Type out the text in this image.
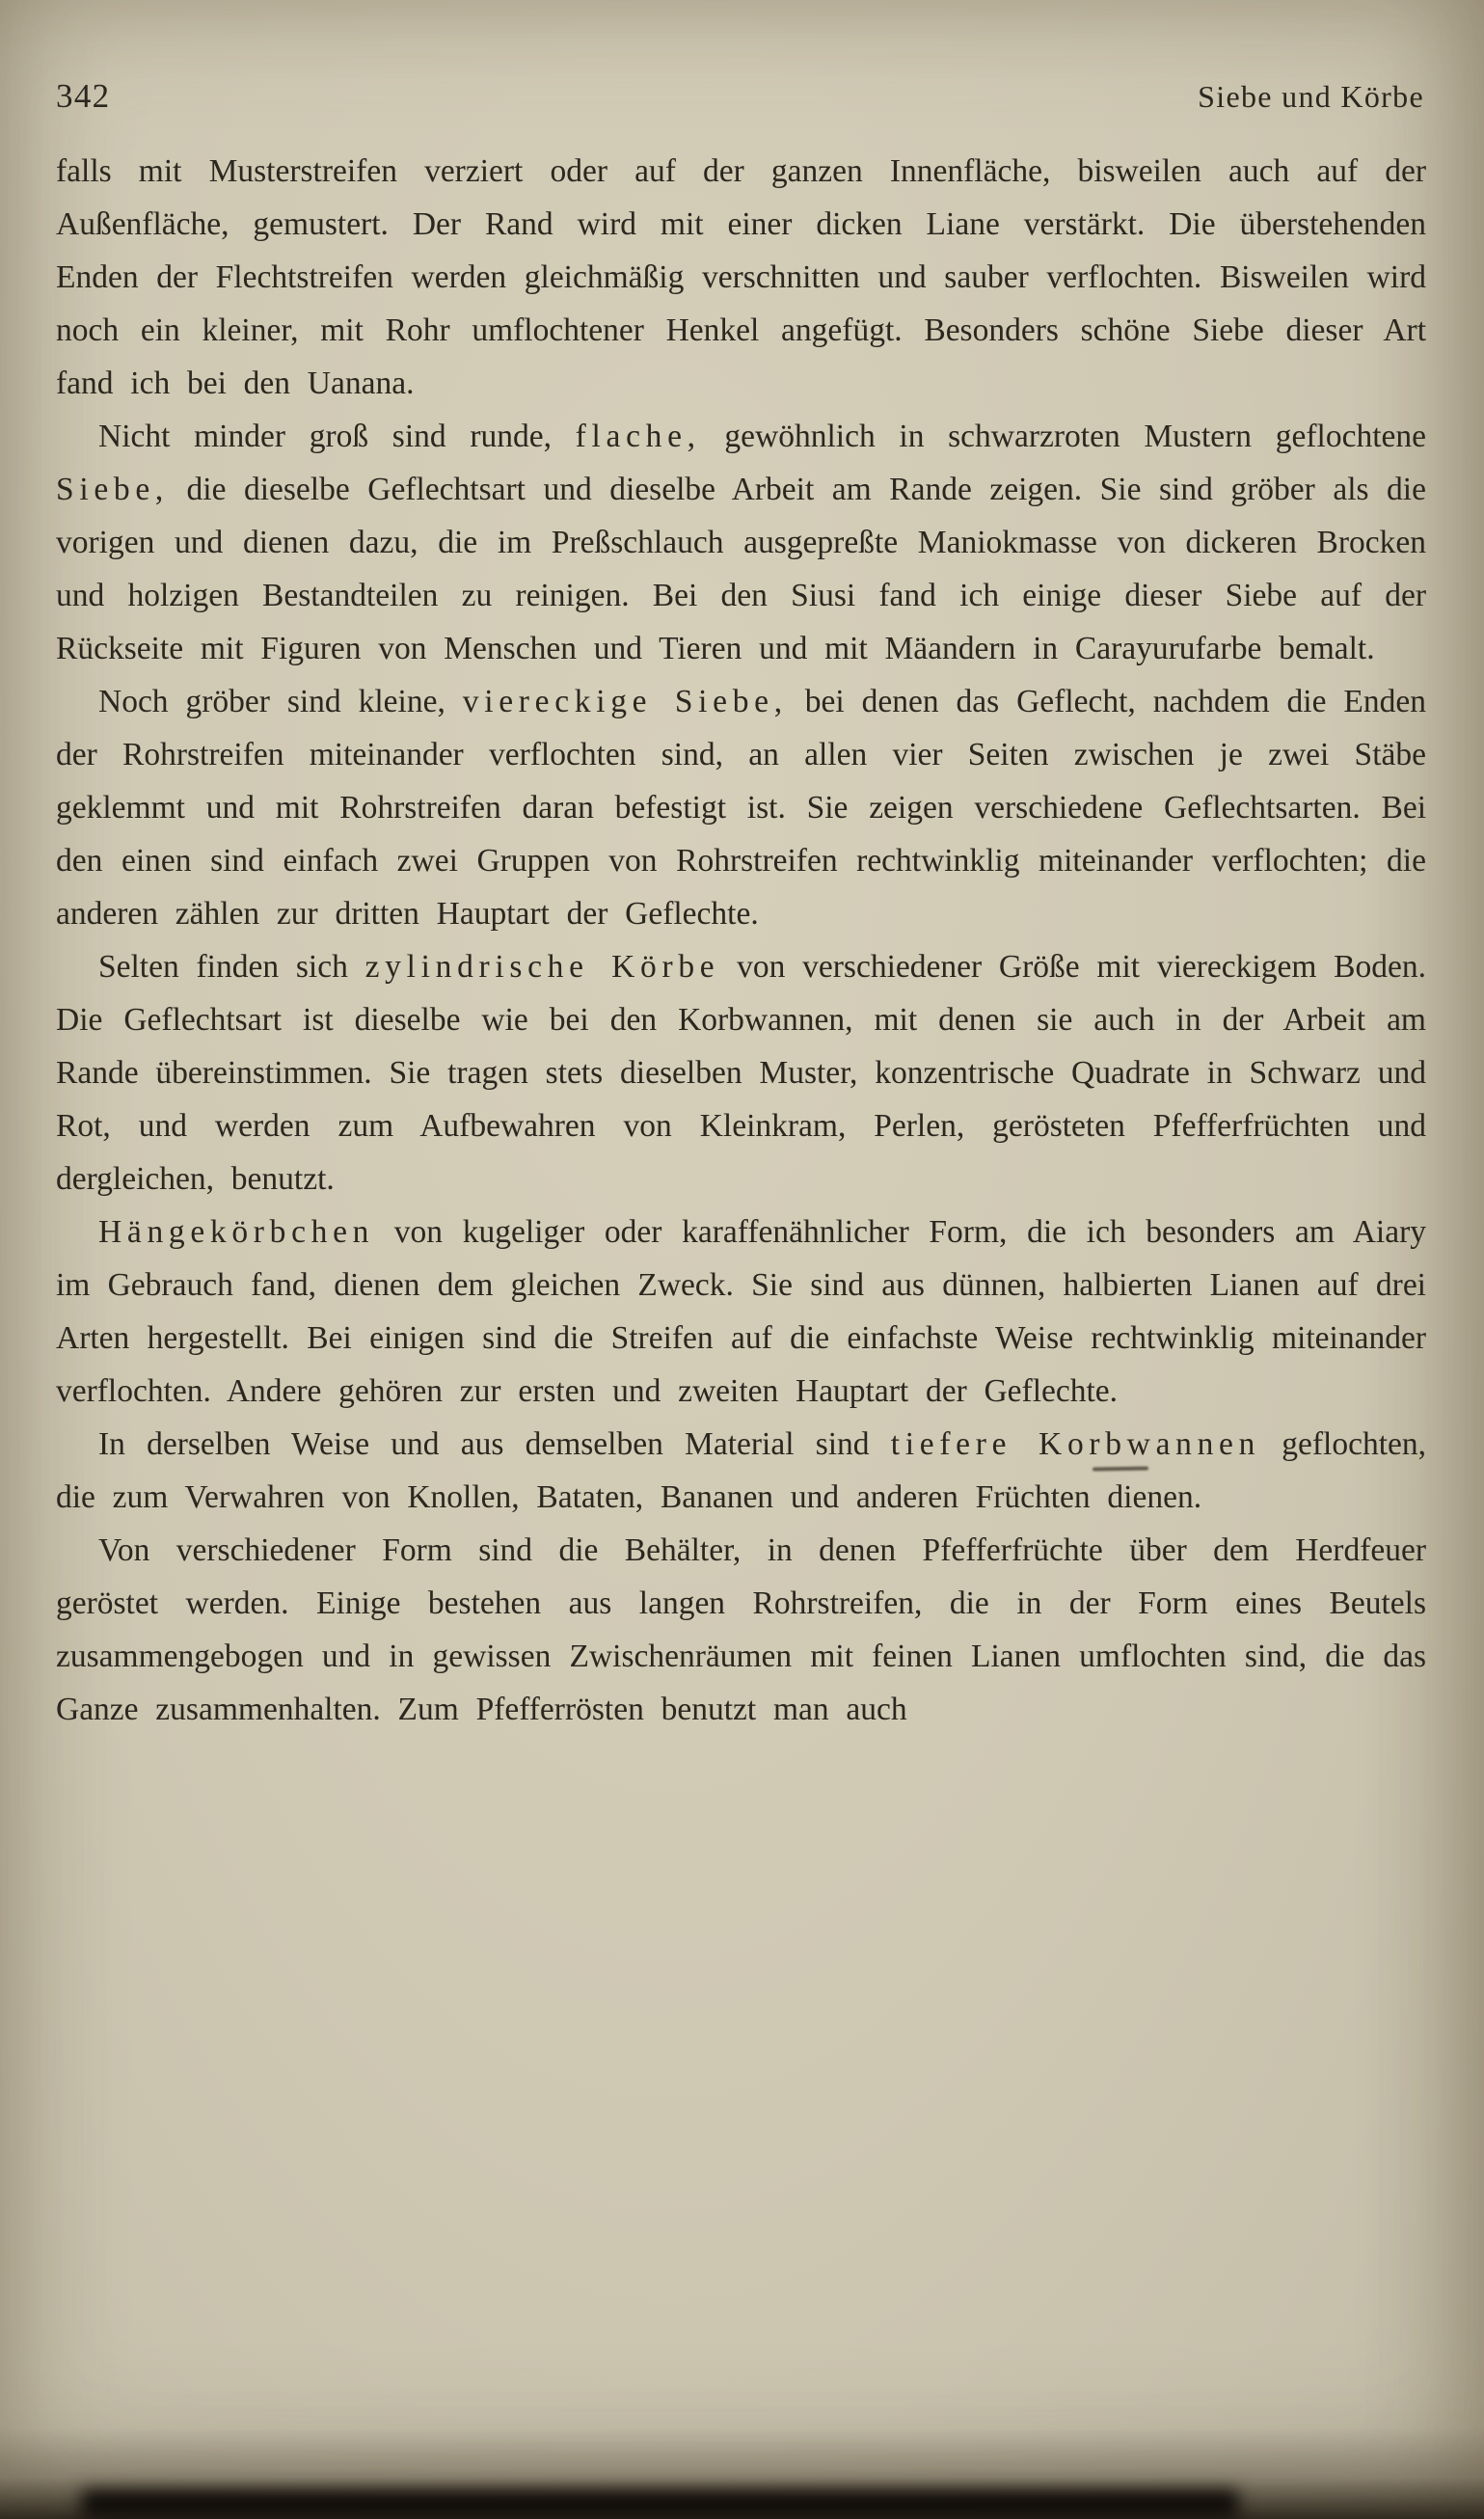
342	Siebe und Körbe

falls mit Musterstreifen verziert oder auf der ganzen Innenfläche, bisweilen auch auf der Außenfläche, gemustert. Der Rand wird mit einer dicken Liane verstärkt. Die überstehenden Enden der Flechtstreifen werden gleichmäßig verschnitten und sauber verflochten. Bisweilen wird noch ein kleiner, mit Rohr umflochtener Henkel angefügt. Besonders schöne Siebe dieser Art fand ich bei den Uanana.

Nicht minder groß sind runde, flache, gewöhnlich in schwarzroten Mustern geflochtene Siebe, die dieselbe Geflechtsart und dieselbe Arbeit am Rande zeigen. Sie sind gröber als die vorigen und dienen dazu, die im Preßschlauch ausgepreßte Maniokmasse von dickeren Brocken und holzigen Bestandteilen zu reinigen. Bei den Siusi fand ich einige dieser Siebe auf der Rückseite mit Figuren von Menschen und Tieren und mit Mäandern in Carayurufarbe bemalt.

Noch gröber sind kleine, viereckige Siebe, bei denen das Geflecht, nachdem die Enden der Rohrstreifen miteinander verflochten sind, an allen vier Seiten zwischen je zwei Stäbe geklemmt und mit Rohrstreifen daran befestigt ist. Sie zeigen verschiedene Geflechtsarten. Bei den einen sind einfach zwei Gruppen von Rohrstreifen rechtwinklig miteinander verflochten; die anderen zählen zur dritten Hauptart der Geflechte.

Selten finden sich zylindrische Körbe von verschiedener Größe mit viereckigem Boden. Die Geflechtsart ist dieselbe wie bei den Korbwannen, mit denen sie auch in der Arbeit am Rande übereinstimmen. Sie tragen stets dieselben Muster, konzentrische Quadrate in Schwarz und Rot, und werden zum Aufbewahren von Kleinkram, Perlen, gerösteten Pfefferfrüchten und dergleichen, benutzt.

Hängekörbchen von kugeliger oder karaffenähnlicher Form, die ich besonders am Aiary im Gebrauch fand, dienen dem gleichen Zweck. Sie sind aus dünnen, halbierten Lianen auf drei Arten hergestellt. Bei einigen sind die Streifen auf die einfachste Weise rechtwinklig miteinander verflochten. Andere gehören zur ersten und zweiten Hauptart der Geflechte.

In derselben Weise und aus demselben Material sind tiefere Korbwannen geflochten, die zum Verwahren von Knollen, Bataten, Bananen und anderen Früchten dienen.

Von verschiedener Form sind die Behälter, in denen Pfefferfrüchte über dem Herdfeuer geröstet werden. Einige bestehen aus langen Rohrstreifen, die in der Form eines Beutels zusammengebogen und in gewissen Zwischenräumen mit feinen Lianen umflochten sind, die das Ganze zusammenhalten. Zum Pfefferrösten benutzt man auch
